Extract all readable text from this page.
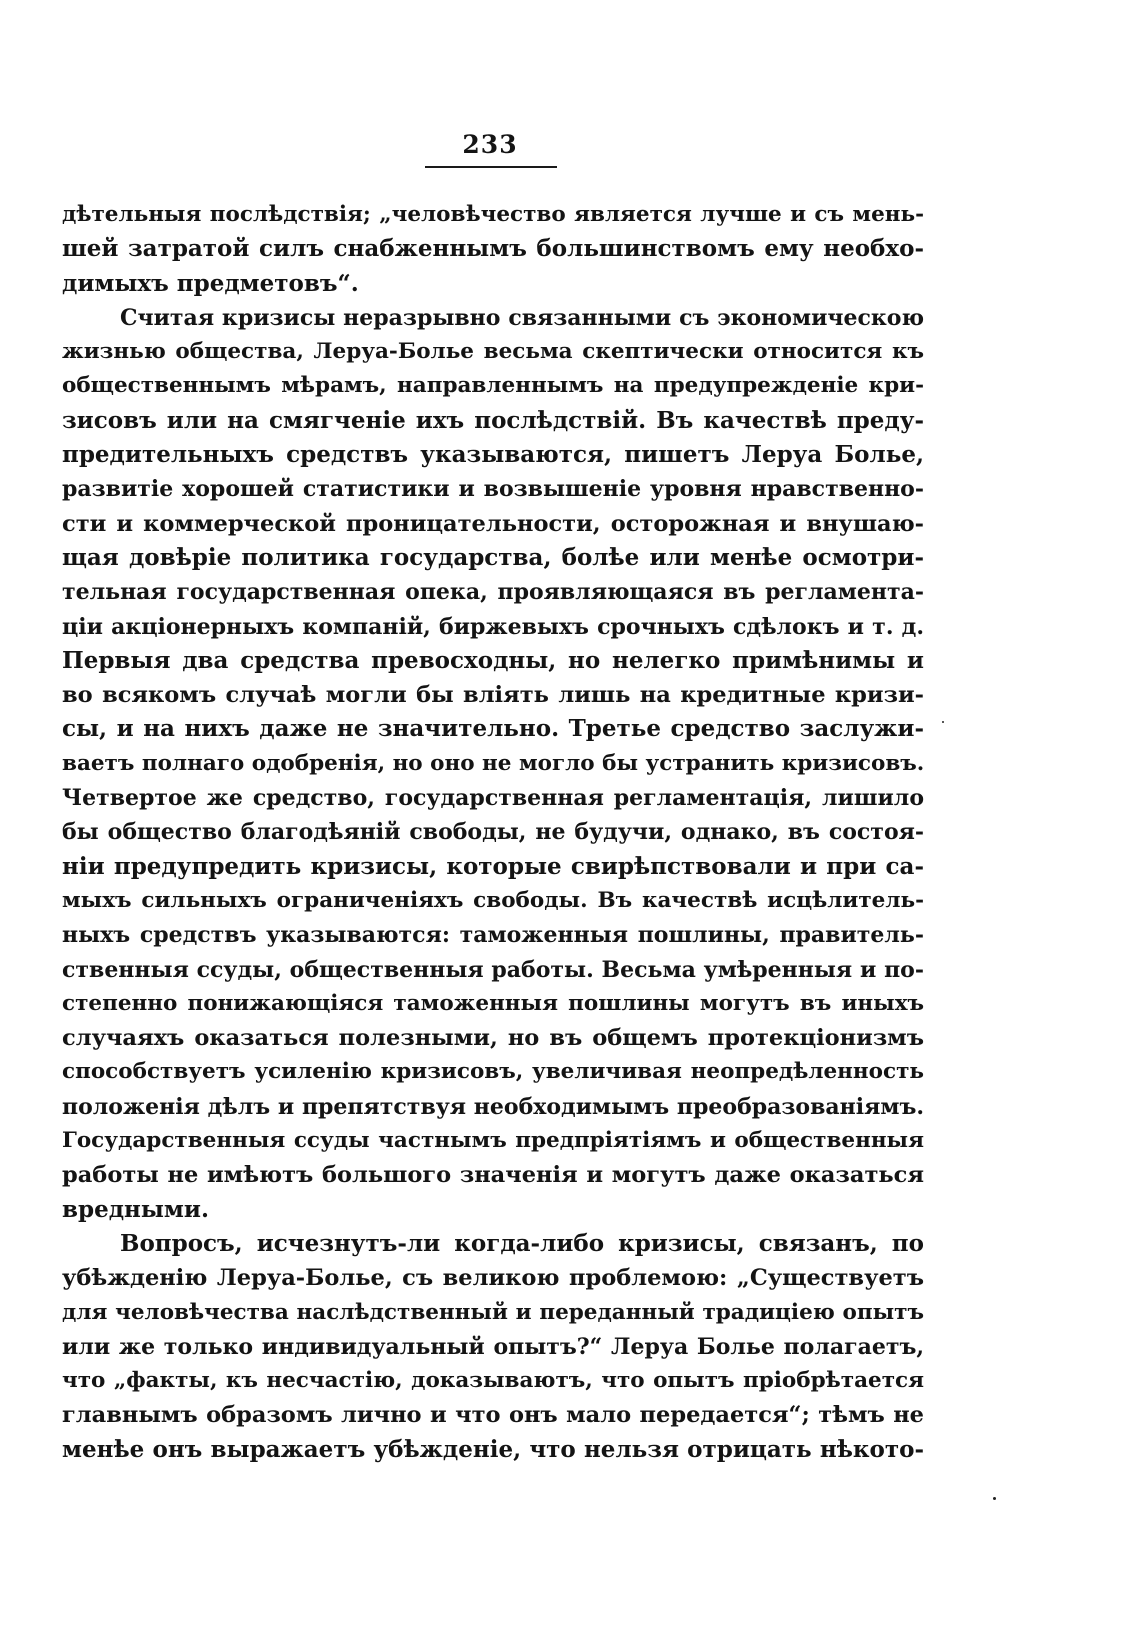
233
дѣтельныя послѣдствія; „человѣчество является лучше и съ мень-
шей затратой силъ снабженнымъ большинствомъ ему необхо-
димыхъ предметовъ“.
Считая кризисы неразрывно связанными съ экономическою
жизнью общества, Леруа-Болье весьма скептически относится къ
общественнымъ мѣрамъ, направленнымъ на предупрежденіе кри-
зисовъ или на смягченіе ихъ послѣдствій. Въ качествѣ преду-
предительныхъ средствъ указываются, пишетъ Леруа Болье,
развитіе хорошей статистики и возвышеніе уровня нравственно-
сти и коммерческой проницательности, осторожная и внушаю-
щая довѣріе политика государства, болѣе или менѣе осмотри-
тельная государственная опека, проявляющаяся въ регламента-
ціи акціонерныхъ компаній, биржевыхъ срочныхъ сдѣлокъ и т. д.
Первыя два средства превосходны, но нелегко примѣнимы и
во всякомъ случаѣ могли бы вліять лишь на кредитные кризи-
сы, и на нихъ даже не значительно. Третье средство заслужи-
ваетъ полнаго одобренія, но оно не могло бы устранить кризисовъ.
Четвертое же средство, государственная регламентація, лишило
бы общество благодѣяній свободы, не будучи, однако, въ состоя-
ніи предупредить кризисы, которые свирѣпствовали и при са-
мыхъ сильныхъ ограниченіяхъ свободы. Въ качествѣ исцѣлитель-
ныхъ средствъ указываются: таможенныя пошлины, правитель-
ственныя ссуды, общественныя работы. Весьма умѣренныя и по-
степенно понижающіяся таможенныя пошлины могутъ въ иныхъ
случаяхъ оказаться полезными, но въ общемъ протекціонизмъ
способствуетъ усиленію кризисовъ, увеличивая неопредѣленность
положенія дѣлъ и препятствуя необходимымъ преобразованіямъ.
Государственныя ссуды частнымъ предпріятіямъ и общественныя
работы не имѣютъ большого значенія и могутъ даже оказаться
вредными.
Вопросъ, исчезнутъ-ли когда-либо кризисы, связанъ, по
убѣжденію Леруа-Болье, съ великою проблемою: „Существуетъ
для человѣчества наслѣдственный и переданный традиціею опытъ
или же только индивидуальный опытъ?“ Леруа Болье полагаетъ,
что „факты, къ несчастію, доказываютъ, что опытъ пріобрѣтается
главнымъ образомъ лично и что онъ мало передается“; тѣмъ не
менѣе онъ выражаетъ убѣжденіе, что нельзя отрицать нѣкото-
